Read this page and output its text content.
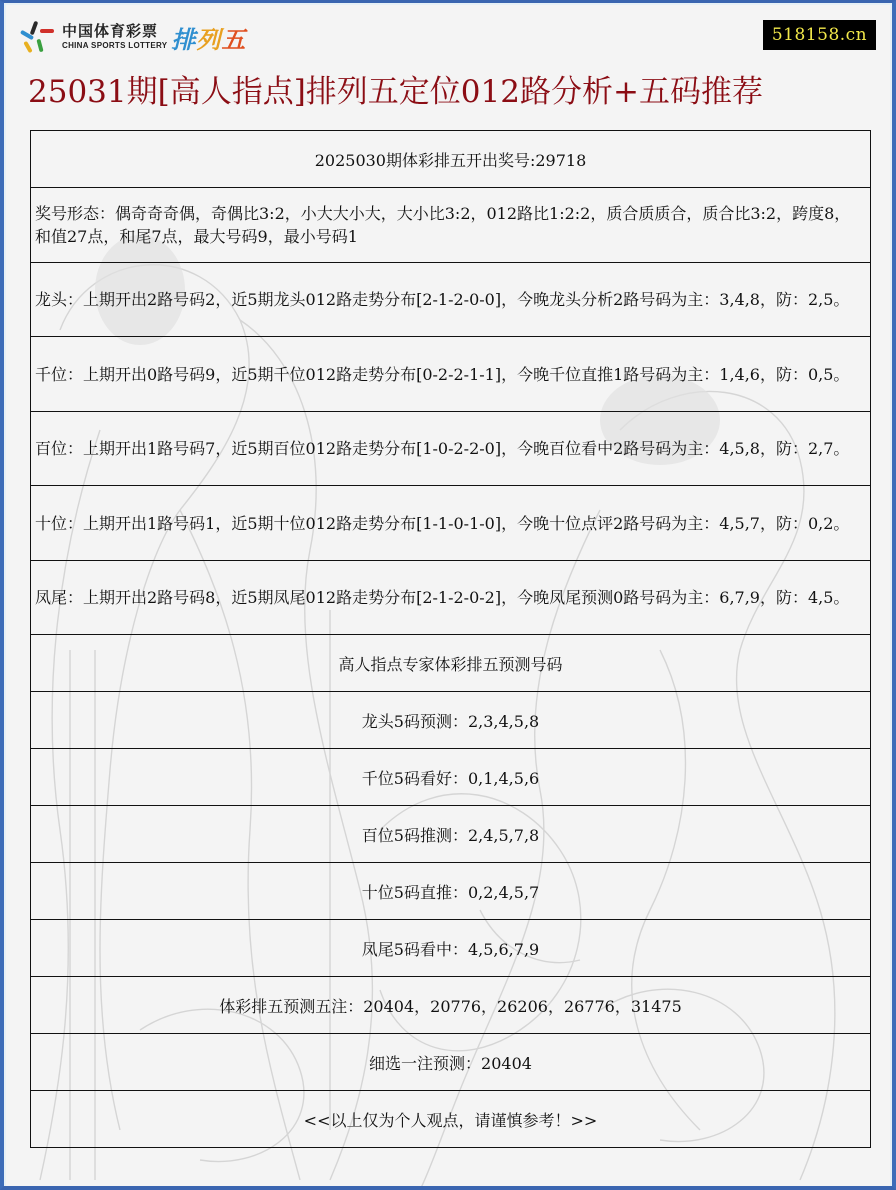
中国体育彩票
CHINA SPORTS LOTTERY 排列五	518158.cn
25031期[高人指点]排列五定位012路分析+五码推荐
2025030期体彩排五开出奖号:29718
奖号形态：偶奇奇奇偶，奇偶比3:2，小大大小大，大小比3:2，012路比1:2:2，质合质质合，质合比3:2，跨度8，和值27点，和尾7点，最大号码9，最小号码1
龙头：上期开出2路号码2，近5期龙头012路走势分布[2-1-2-0-0]，今晚龙头分析2路号码为主：3,4,8，防：2,5。
千位：上期开出0路号码9，近5期千位012路走势分布[0-2-2-1-1]，今晚千位直推1路号码为主：1,4,6，防：0,5。
百位：上期开出1路号码7，近5期百位012路走势分布[1-0-2-2-0]，今晚百位看中2路号码为主：4,5,8，防：2,7。
十位：上期开出1路号码1，近5期十位012路走势分布[1-1-0-1-0]，今晚十位点评2路号码为主：4,5,7，防：0,2。
凤尾：上期开出2路号码8，近5期凤尾012路走势分布[2-1-2-0-2]，今晚凤尾预测0路号码为主：6,7,9，防：4,5。
高人指点专家体彩排五预测号码
龙头5码预测：2,3,4,5,8
千位5码看好：0,1,4,5,6
百位5码推测：2,4,5,7,8
十位5码直推：0,2,4,5,7
凤尾5码看中：4,5,6,7,9
体彩排五预测五注：20404，20776，26206，26776，31475
细选一注预测：20404
<<以上仅为个人观点，请谨慎参考！>>
